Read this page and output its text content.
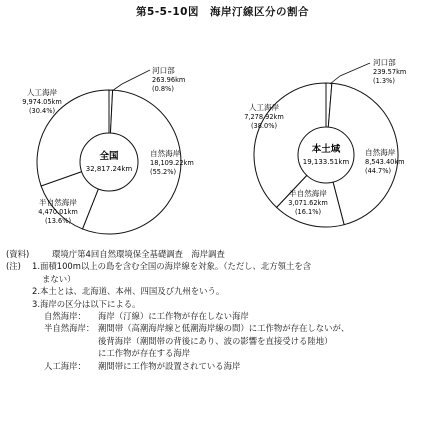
第5-5-10図　海岸汀線区分の割合
全国
32,817.24km
自然海岸
18,109.22km
(55.2%)
半自然海岸
4,470.01km
(13.6%)
人工海岸
9,974.05km
(30.4%)
河口部
263.96km
(0.8%)
本土域
19,133.51km
自然海岸
8,543.40km
(44.7%)
半自然海岸
3,071.62km
(16.1%)
人工海岸
7,278.92km
(38.0%)
河口部
239.57km
(1.3%)
(資料)	環境庁第4回自然環境保全基礎調査　海岸調査
(注) 1.面積100m以上の島を含む全国の海岸線を対象。（ただし、北方領土を含
まない）
2.本土とは、北海道、本州、四国及び九州をいう。
3.海岸の区分は以下による。
自然海岸： 海岸（汀線）に工作物が存在しない海岸
半自然海岸： 潮間帯（高潮海岸線と低潮海岸線の間）に工作物が存在しないが、
後背海岸（潮間帯の背後にあり、波の影響を直接受ける陸地）
に工作物が存在する海岸
人工海岸： 潮間帯に工作物が設置されている海岸
